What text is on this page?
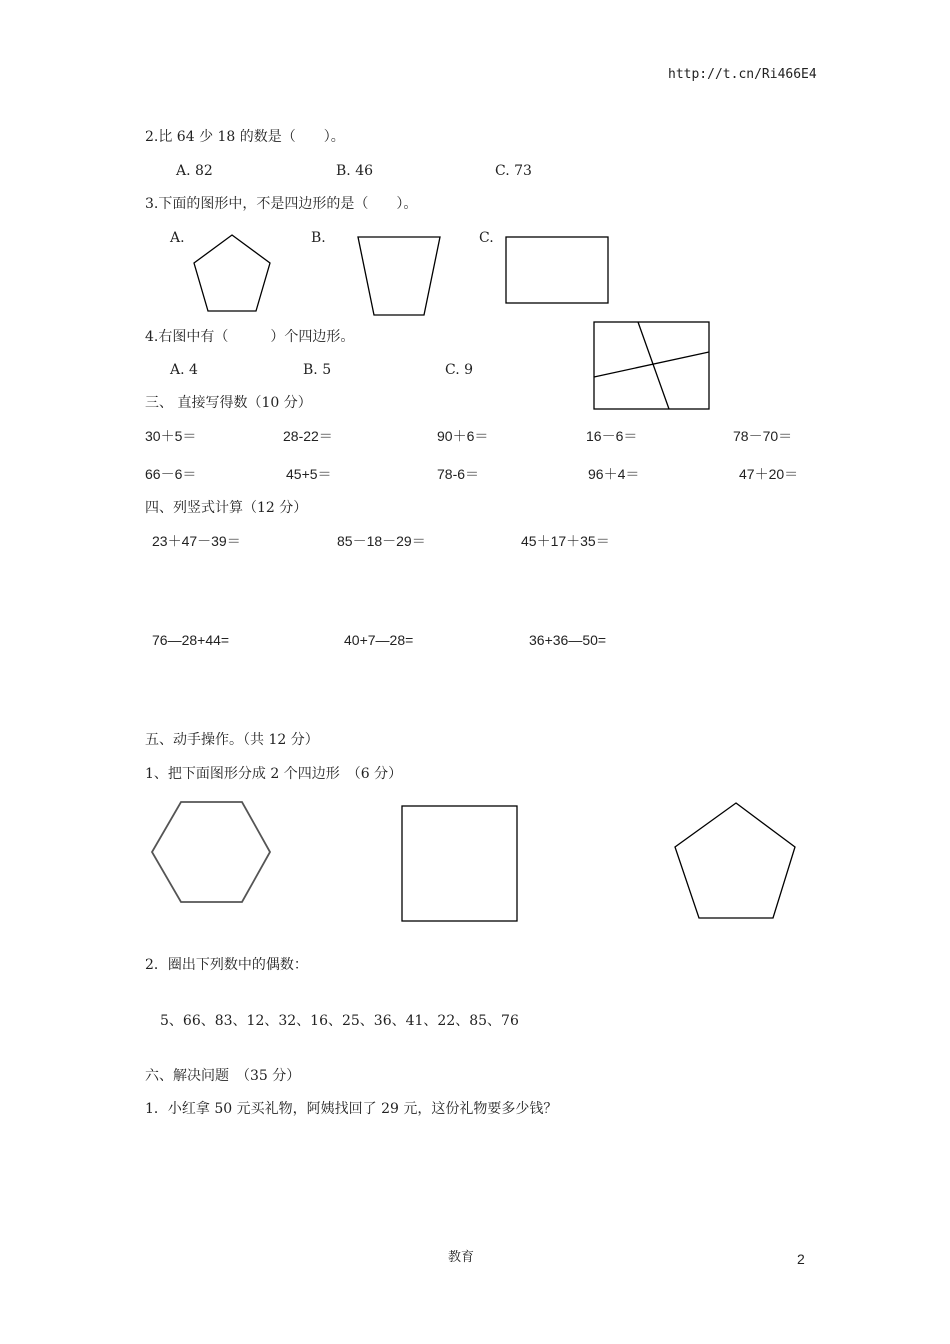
http://t.cn/Ri466E4
2.比 64 少 18 的数是（　　）。
A. 82	B. 46	C. 73
3.下面的图形中，不是四边形的是（　　）。
A.	B.	C.
4.右图中有（　　　）个四边形。
A. 4	B. 5	C. 9
三、 直接写得数（10 分）
30＋5＝	28-22＝	90＋6＝	16－6＝	78－70＝
66－6＝	45+5＝	78-6＝	96＋4＝	47＋20＝
四、列竖式计算（12 分）
23＋47－39＝	85－18－29＝	45＋17＋35＝
76—28+44=	40+7—28=	36+36—50=
五、动手操作。（共 12 分）
1、把下面图形分成 2 个四边形　（6 分）
2．圈出下列数中的偶数：
5、66、83、12、32、16、25、36、41、22、85、76
六、解决问题　（35 分）
1．小红拿 50 元买礼物，阿姨找回了 29 元，这份礼物要多少钱？
教育	2
